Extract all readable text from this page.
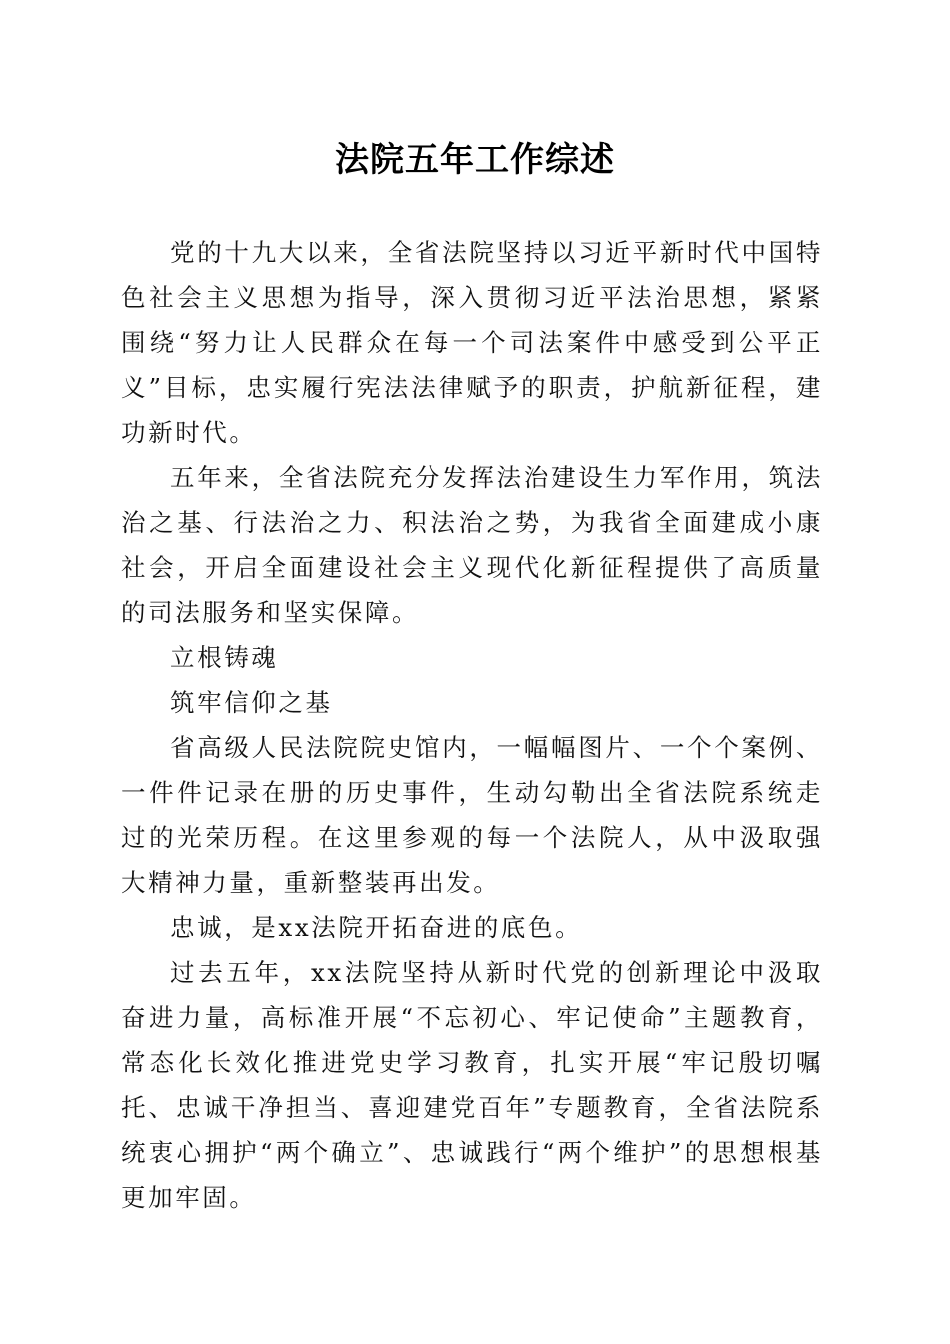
法院五年工作综述

党的十九大以来，全省法院坚持以习近平新时代中国特色社会主义思想为指导，深入贯彻习近平法治思想，紧紧围绕“努力让人民群众在每一个司法案件中感受到公平正义”目标，忠实履行宪法法律赋予的职责，护航新征程，建功新时代。

五年来，全省法院充分发挥法治建设生力军作用，筑法治之基、行法治之力、积法治之势，为我省全面建成小康社会，开启全面建设社会主义现代化新征程提供了高质量的司法服务和坚实保障。

立根铸魂

筑牢信仰之基

省高级人民法院院史馆内，一幅幅图片、一个个案例、一件件记录在册的历史事件，生动勾勒出全省法院系统走过的光荣历程。在这里参观的每一个法院人，从中汲取强大精神力量，重新整装再出发。

忠诚，是xx法院开拓奋进的底色。

过去五年，xx法院坚持从新时代党的创新理论中汲取奋进力量，高标准开展“不忘初心、牢记使命”主题教育，常态化长效化推进党史学习教育，扎实开展“牢记殷切嘱托、忠诚干净担当、喜迎建党百年”专题教育，全省法院系统衷心拥护“两个确立”、忠诚践行“两个维护”的思想根基更加牢固。
